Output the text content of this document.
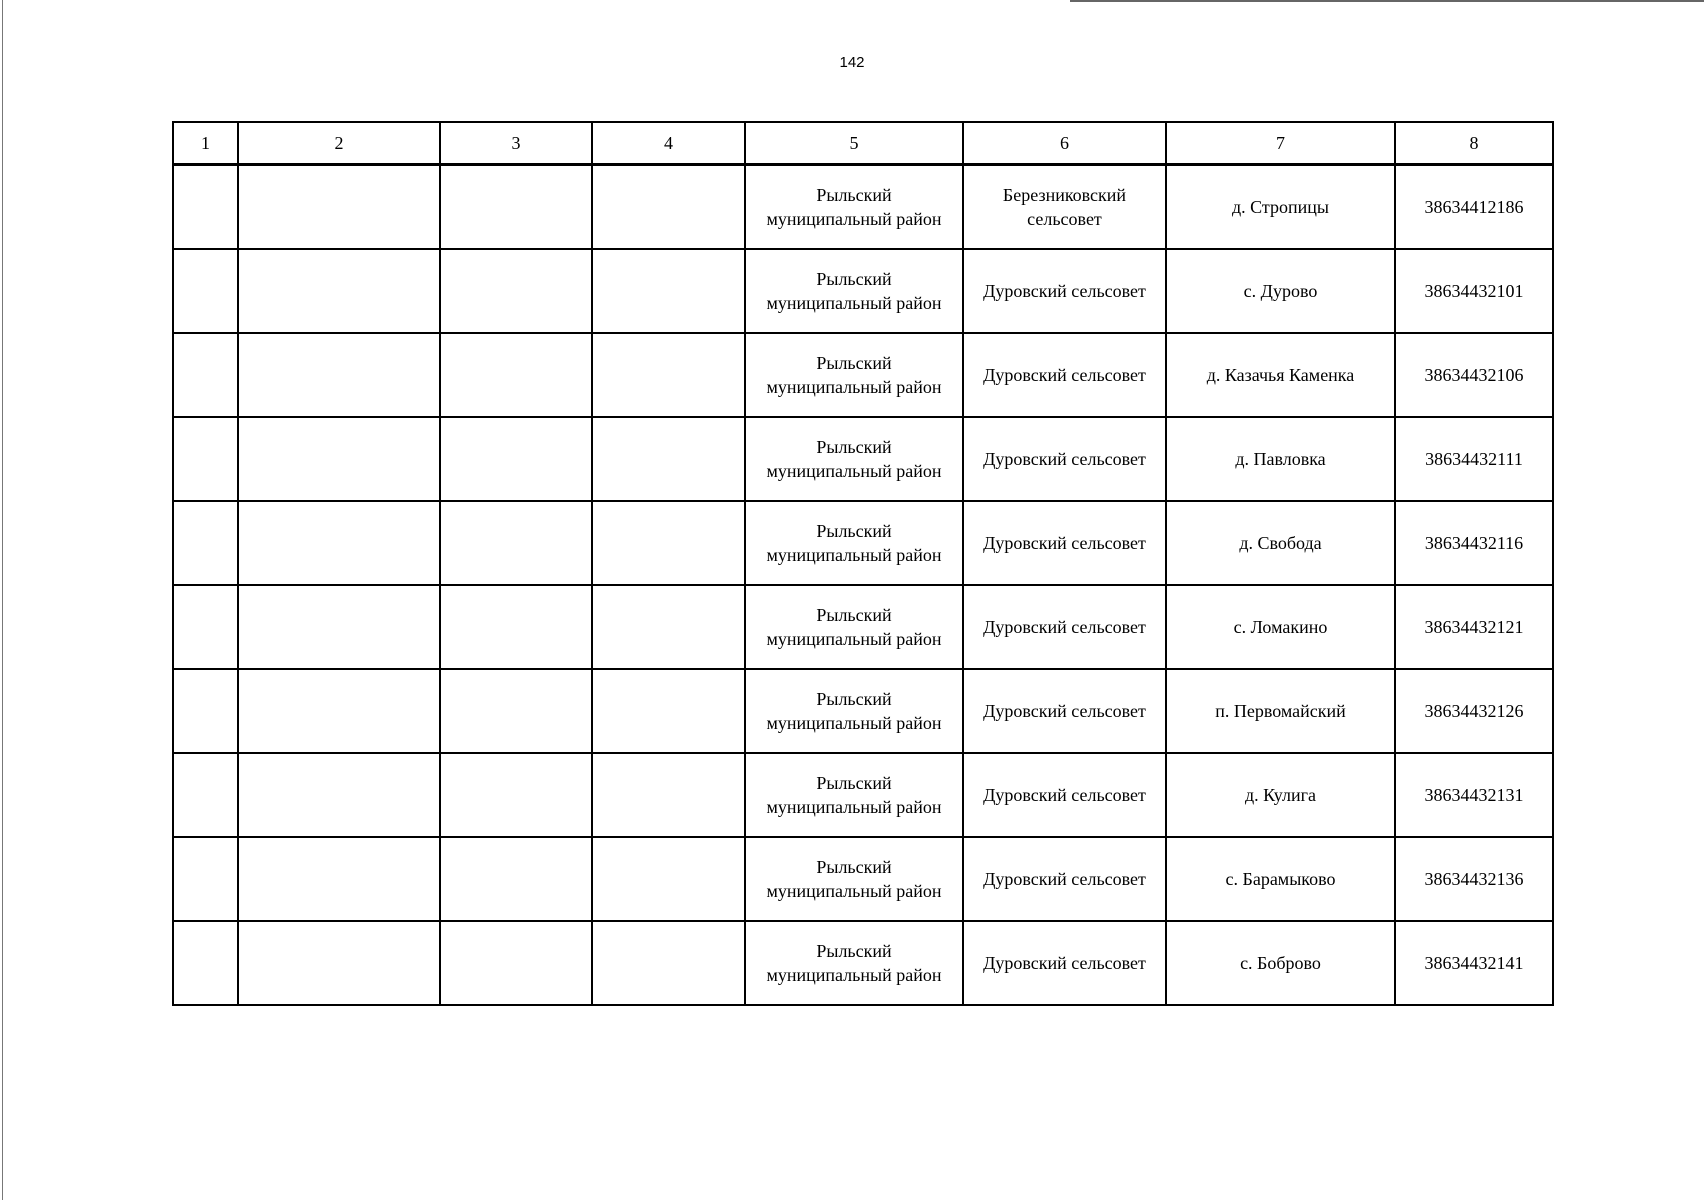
142
1	2	3	4	5	6	7	8
				Рыльский муниципальный район	Березниковский сельсовет	д. Стропицы	38634412186
				Рыльский муниципальный район	Дуровский сельсовет	с. Дурово	38634432101
				Рыльский муниципальный район	Дуровский сельсовет	д. Казачья Каменка	38634432106
				Рыльский муниципальный район	Дуровский сельсовет	д. Павловка	38634432111
				Рыльский муниципальный район	Дуровский сельсовет	д. Свобода	38634432116
				Рыльский муниципальный район	Дуровский сельсовет	с. Ломакино	38634432121
				Рыльский муниципальный район	Дуровский сельсовет	п. Первомайский	38634432126
				Рыльский муниципальный район	Дуровский сельсовет	д. Кулига	38634432131
				Рыльский муниципальный район	Дуровский сельсовет	с. Барамыково	38634432136
				Рыльский муниципальный район	Дуровский сельсовет	с. Боброво	38634432141
